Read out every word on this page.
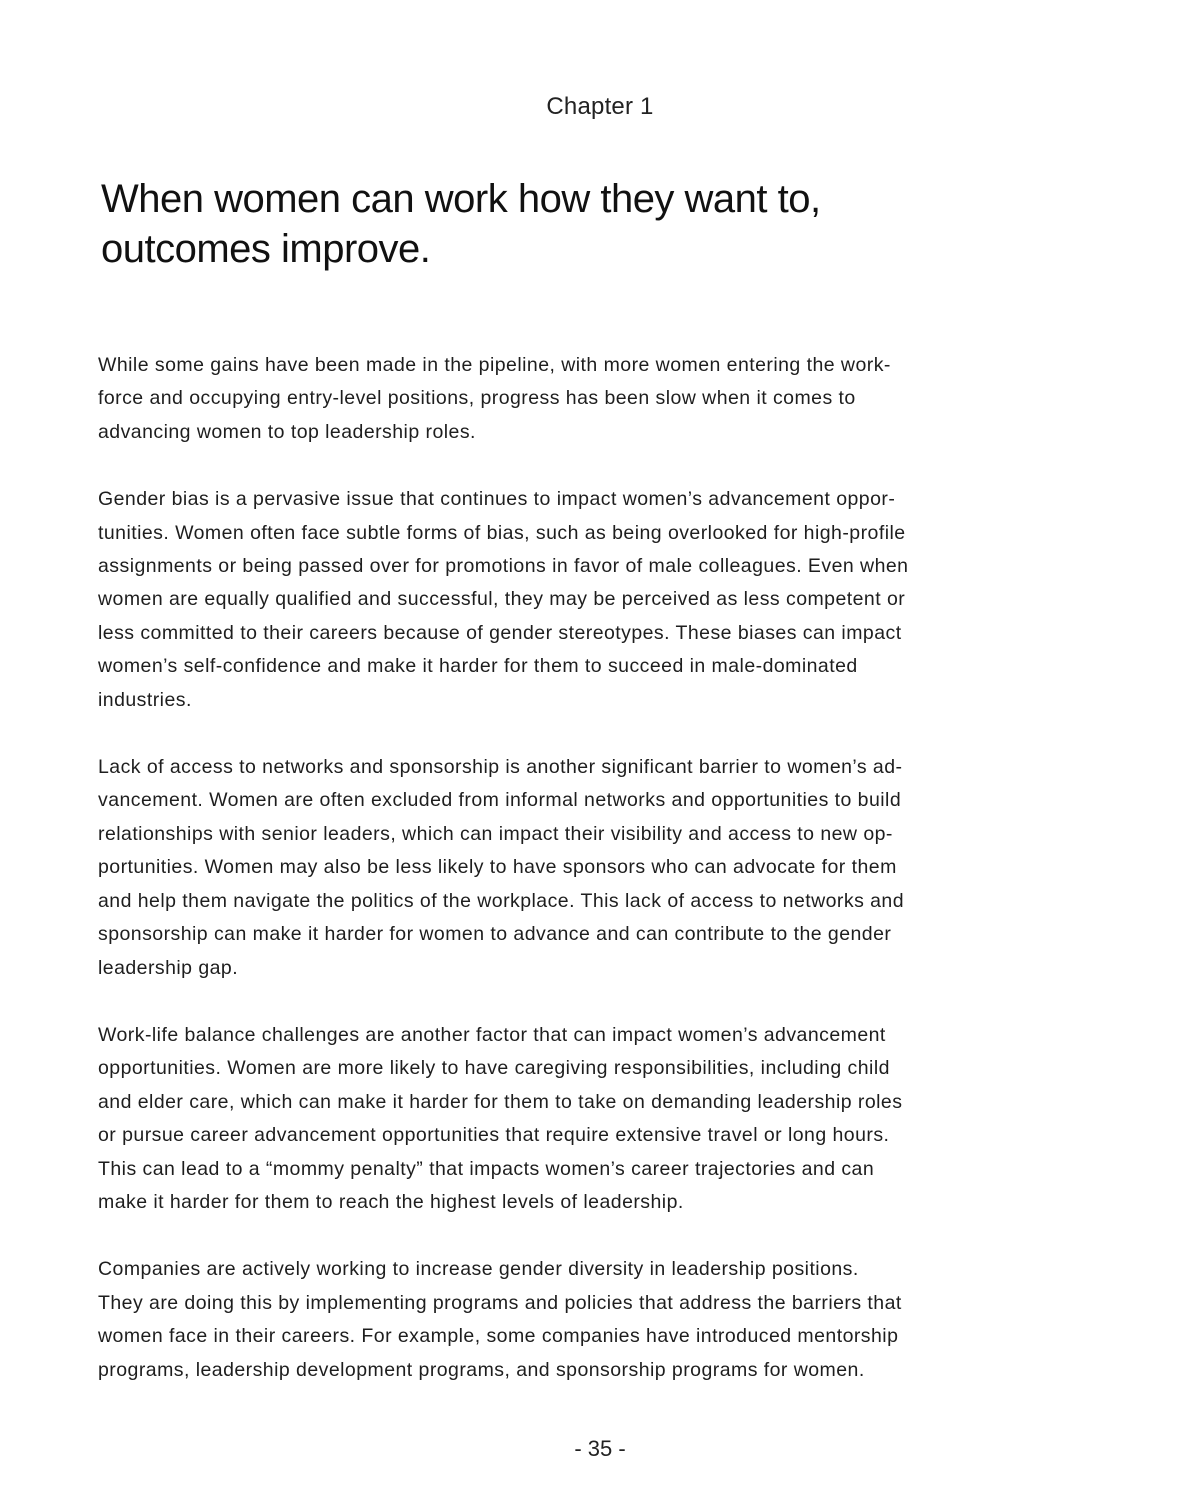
Chapter 1
When women can work how they want to,
outcomes improve.

While some gains have been made in the pipeline, with more women entering the work-
force and occupying entry-level positions, progress has been slow when it comes to
advancing women to top leadership roles.

Gender bias is a pervasive issue that continues to impact women’s advancement oppor-
tunities. Women often face subtle forms of bias, such as being overlooked for high-profile
assignments or being passed over for promotions in favor of male colleagues. Even when
women are equally qualified and successful, they may be perceived as less competent or
less committed to their careers because of gender stereotypes. These biases can impact
women’s self-confidence and make it harder for them to succeed in male-dominated
industries.

Lack of access to networks and sponsorship is another significant barrier to women’s ad-
vancement. Women are often excluded from informal networks and opportunities to build
relationships with senior leaders, which can impact their visibility and access to new op-
portunities. Women may also be less likely to have sponsors who can advocate for them
and help them navigate the politics of the workplace. This lack of access to networks and
sponsorship can make it harder for women to advance and can contribute to the gender
leadership gap.

Work-life balance challenges are another factor that can impact women’s advancement
opportunities. Women are more likely to have caregiving responsibilities, including child
and elder care, which can make it harder for them to take on demanding leadership roles
or pursue career advancement opportunities that require extensive travel or long hours.
This can lead to a “mommy penalty” that impacts women’s career trajectories and can
make it harder for them to reach the highest levels of leadership.

Companies are actively working to increase gender diversity in leadership positions.
They are doing this by implementing programs and policies that address the barriers that
women face in their careers. For example, some companies have introduced mentorship
programs, leadership development programs, and sponsorship programs for women.

- 35 -
